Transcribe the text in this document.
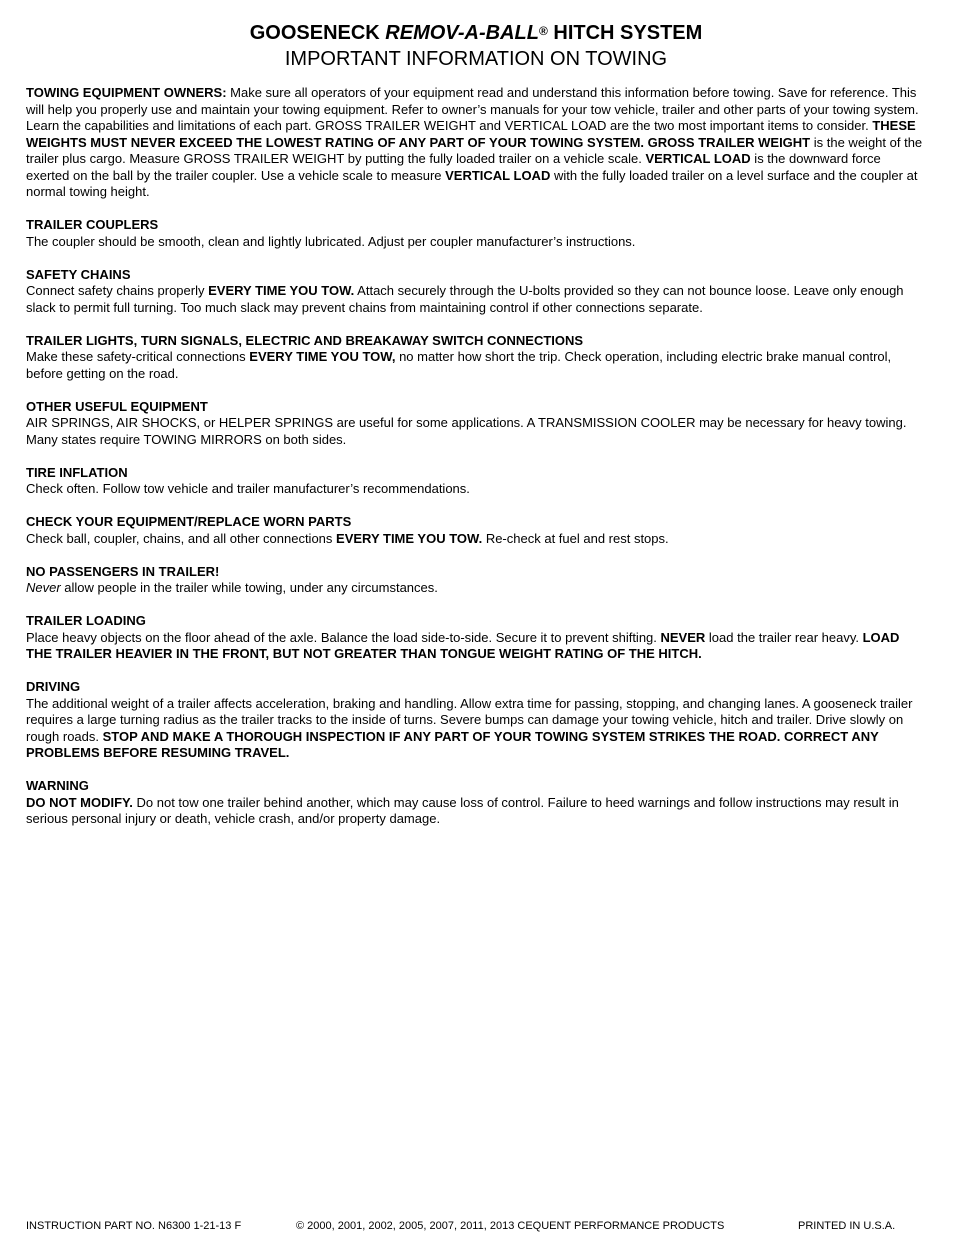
GOOSENECK REMOV-A-BALL® HITCH SYSTEM
IMPORTANT INFORMATION ON TOWING

TOWING EQUIPMENT OWNERS: Make sure all operators of your equipment read and understand this information before towing. Save for reference. This will help you properly use and maintain your towing equipment. Refer to owner’s manuals for your tow vehicle, trailer and other parts of your towing system. Learn the capabilities and limitations of each part. GROSS TRAILER WEIGHT and VERTICAL LOAD are the two most important items to consider. THESE WEIGHTS MUST NEVER EXCEED THE LOWEST RATING OF ANY PART OF YOUR TOWING SYSTEM. GROSS TRAILER WEIGHT is the weight of the trailer plus cargo. Measure GROSS TRAILER WEIGHT by putting the fully loaded trailer on a vehicle scale. VERTICAL LOAD is the downward force exerted on the ball by the trailer coupler. Use a vehicle scale to measure VERTICAL LOAD with the fully loaded trailer on a level surface and the coupler at normal towing height.

TRAILER COUPLERS

The coupler should be smooth, clean and lightly lubricated. Adjust per coupler manufacturer’s instructions.

SAFETY CHAINS

Connect safety chains properly EVERY TIME YOU TOW. Attach securely through the U-bolts provided so they can not bounce loose. Leave only enough slack to permit full turning. Too much slack may prevent chains from maintaining control if other connections separate.

TRAILER LIGHTS, TURN SIGNALS, ELECTRIC AND BREAKAWAY SWITCH CONNECTIONS

Make these safety-critical connections EVERY TIME YOU TOW, no matter how short the trip. Check operation, including electric brake manual control, before getting on the road.

OTHER USEFUL EQUIPMENT

AIR SPRINGS, AIR SHOCKS, or HELPER SPRINGS are useful for some applications. A TRANSMISSION COOLER may be necessary for heavy towing. Many states require TOWING MIRRORS on both sides.

TIRE INFLATION

Check often. Follow tow vehicle and trailer manufacturer’s recommendations.

CHECK YOUR EQUIPMENT/REPLACE WORN PARTS

Check ball, coupler, chains, and all other connections EVERY TIME YOU TOW. Re-check at fuel and rest stops.

NO PASSENGERS IN TRAILER!

Never allow people in the trailer while towing, under any circumstances.

TRAILER LOADING

Place heavy objects on the floor ahead of the axle. Balance the load side-to-side. Secure it to prevent shifting. NEVER load the trailer rear heavy. LOAD THE TRAILER HEAVIER IN THE FRONT, BUT NOT GREATER THAN TONGUE WEIGHT RATING OF THE HITCH.

DRIVING

The additional weight of a trailer affects acceleration, braking and handling. Allow extra time for passing, stopping, and changing lanes. A gooseneck trailer requires a large turning radius as the trailer tracks to the inside of turns. Severe bumps can damage your towing vehicle, hitch and trailer. Drive slowly on rough roads. STOP AND MAKE A THOROUGH INSPECTION IF ANY PART OF YOUR TOWING SYSTEM STRIKES THE ROAD. CORRECT ANY PROBLEMS BEFORE RESUMING TRAVEL.

WARNING

DO NOT MODIFY. Do not tow one trailer behind another, which may cause loss of control. Failure to heed warnings and follow instructions may result in serious personal injury or death, vehicle crash, and/or property damage.

INSTRUCTION PART NO. N6300 1-21-13 F	© 2000, 2001, 2002, 2005, 2007, 2011, 2013 CEQUENT PERFORMANCE PRODUCTS	PRINTED IN U.S.A.
